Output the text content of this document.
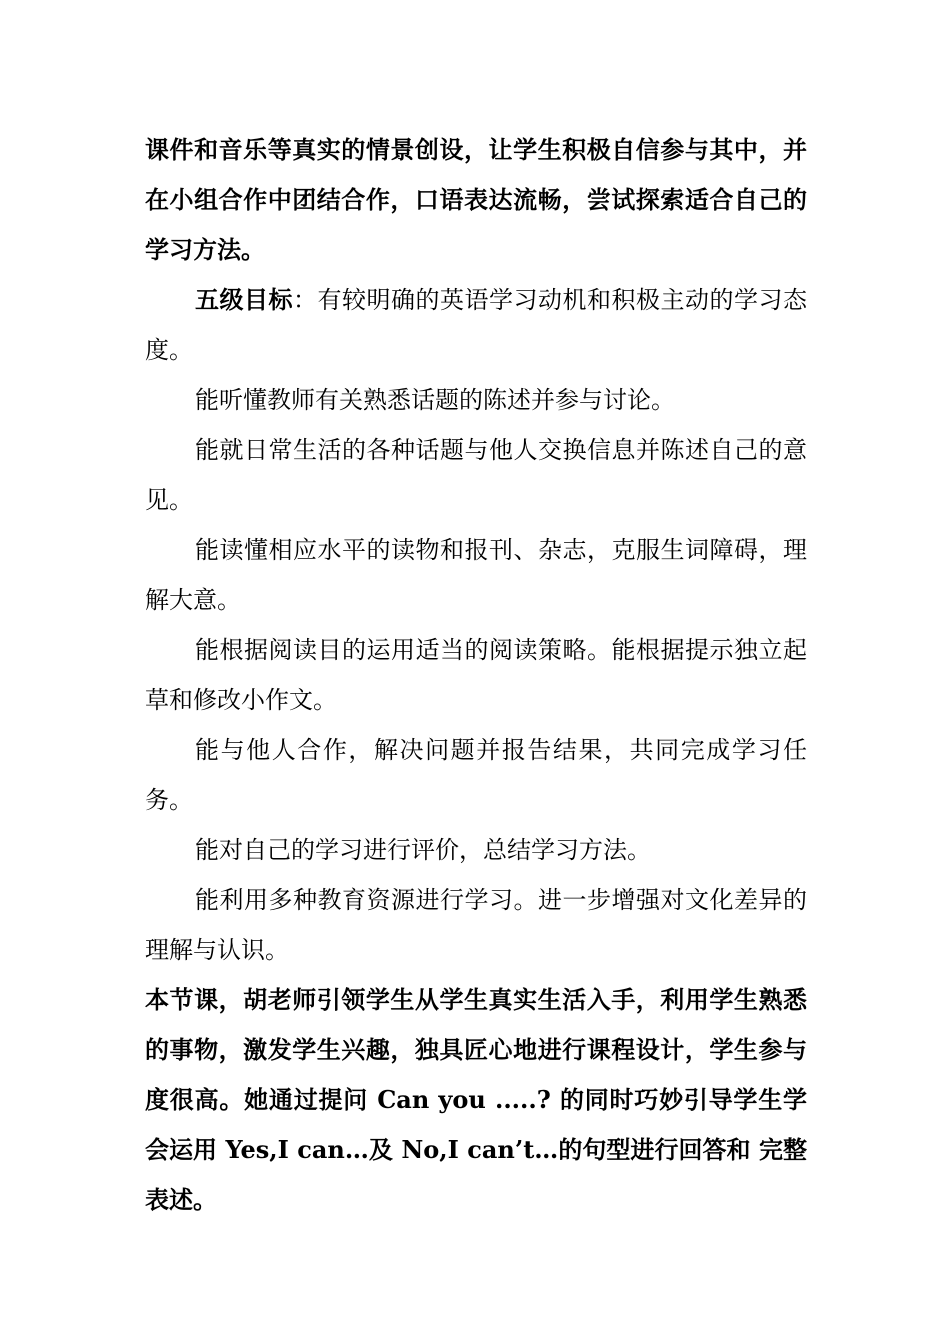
课件和音乐等真实的情景创设，让学生积极自信参与其中，并在小组合作中团结合作，口语表达流畅，尝试探索适合自己的学习方法。

五级目标：有较明确的英语学习动机和积极主动的学习态度。

能听懂教师有关熟悉话题的陈述并参与讨论。

能就日常生活的各种话题与他人交换信息并陈述自己的意见。

能读懂相应水平的读物和报刊、杂志，克服生词障碍，理解大意。

能根据阅读目的运用适当的阅读策略。能根据提示独立起草和修改小作文。

能与他人合作，解决问题并报告结果，共同完成学习任务。

能对自己的学习进行评价，总结学习方法。

能利用多种教育资源进行学习。进一步增强对文化差异的理解与认识。

本节课，胡老师引领学生从学生真实生活入手，利用学生熟悉的事物，激发学生兴趣，独具匠心地进行课程设计，学生参与度很高。她通过提问 Can you .....? 的同时巧妙引导学生学会运用 Yes,I can…及 No,I can’t…的句型进行回答和 完整表述。
